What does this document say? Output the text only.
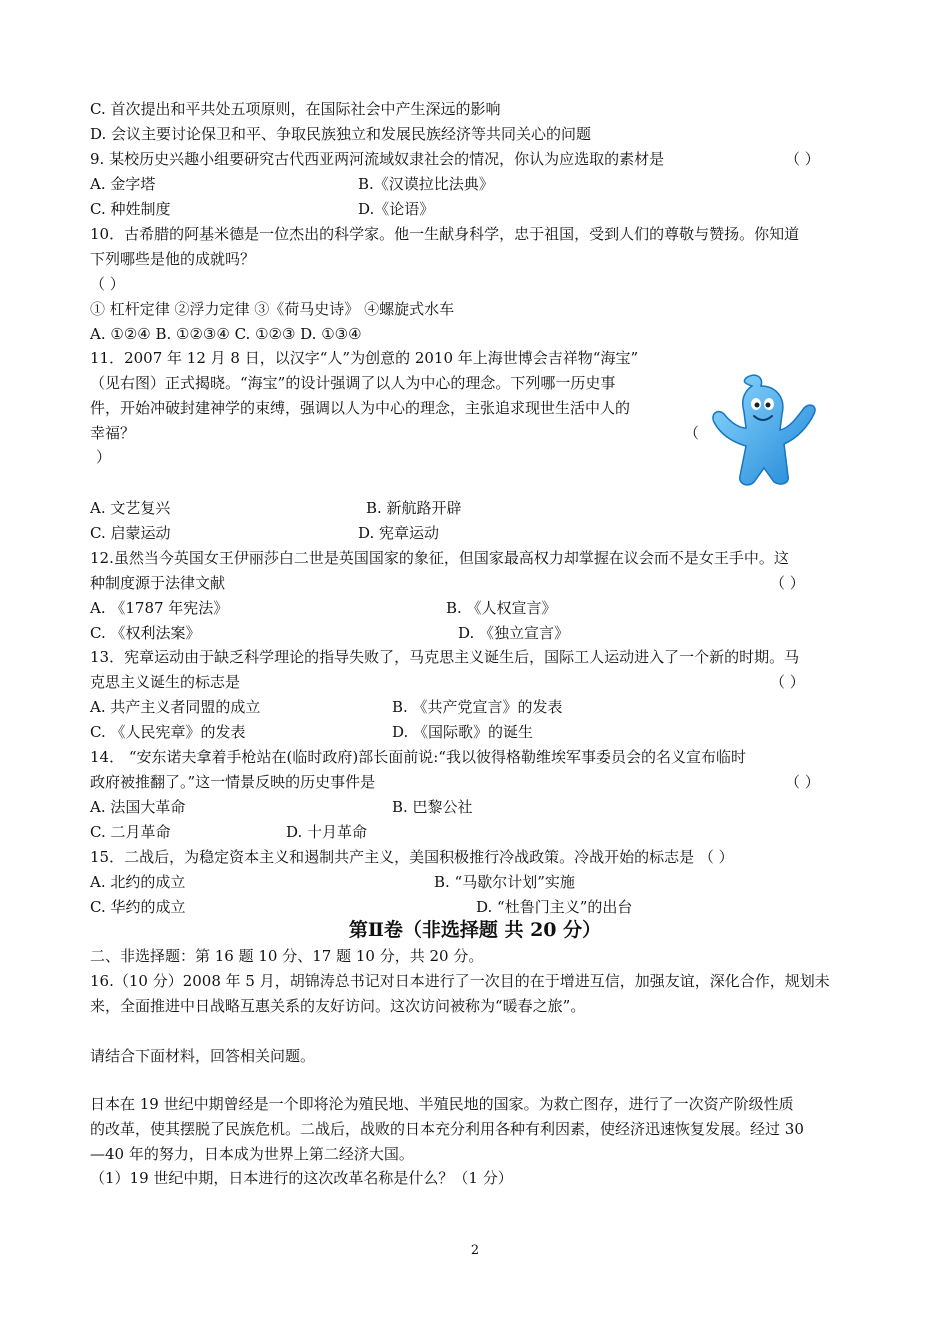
C. 首次提出和平共处五项原则，在国际社会中产生深远的影响
D. 会议主要讨论保卫和平、争取民族独立和发展民族经济等共同关心的问题
9. 某校历史兴趣小组要研究古代西亚两河流域奴隶社会的情况，你认为应选取的素材是	（ ）
A. 金字塔	B.《汉谟拉比法典》
C. 种姓制度	D.《论语》
10．古希腊的阿基米德是一位杰出的科学家。他一生献身科学，忠于祖国，受到人们的尊敬与赞扬。你知道
下列哪些是他的成就吗？
（ ）
① 杠杆定律 ②浮力定律 ③《荷马史诗》 ④螺旋式水车
A. ①②④ B. ①②③④ C. ①②③ D. ①③④
11．2007 年 12 月 8 日，以汉字“人”为创意的 2010 年上海世博会吉祥物“海宝”
（见右图）正式揭晓。“海宝”的设计强调了以人为中心的理念。下列哪一历史事
件，开始冲破封建神学的束缚，强调以人为中心的理念，主张追求现世生活中人的
幸福？	（
）
A. 文艺复兴	B. 新航路开辟
C. 启蒙运动	D. 宪章运动
12.虽然当今英国女王伊丽莎白二世是英国国家的象征，但国家最高权力却掌握在议会而不是女王手中。这
种制度源于法律文献	（ ）
A. 《1787 年宪法》	B. 《人权宣言》
C. 《权利法案》	D. 《独立宣言》
13．宪章运动由于缺乏科学理论的指导失败了，马克思主义诞生后，国际工人运动进入了一个新的时期。马
克思主义诞生的标志是	（ ）
A. 共产主义者同盟的成立	B. 《共产党宣言》的发表
C. 《人民宪章》的发表	D. 《国际歌》的诞生
14． “安东诺夫拿着手枪站在(临时政府)部长面前说:“我以彼得格勒维埃军事委员会的名义宣布临时
政府被推翻了。”这一情景反映的历史事件是	（ ）
A. 法国大革命	B. 巴黎公社
C. 二月革命	D. 十月革命
15．二战后，为稳定资本主义和遏制共产主义，美国积极推行冷战政策。冷战开始的标志是 （ ）
A. 北约的成立	B. “马歇尔计划”实施
C. 华约的成立	D. “杜鲁门主义”的出台
第Ⅱ卷（非选择题 共 20 分）
二、非选择题：第 16 题 10 分、17 题 10 分，共 20 分。
16.（10 分）2008 年 5 月，胡锦涛总书记对日本进行了一次目的在于增进互信，加强友谊，深化合作，规划未
来，全面推进中日战略互惠关系的友好访问。这次访问被称为“暖春之旅”。
请结合下面材料，回答相关问题。
日本在 19 世纪中期曾经是一个即将沦为殖民地、半殖民地的国家。为救亡图存，进行了一次资产阶级性质
的改革，使其摆脱了民族危机。二战后，战败的日本充分利用各种有利因素，使经济迅速恢复发展。经过 30
—40 年的努力，日本成为世界上第二经济大国。
（1）19 世纪中期，日本进行的这次改革名称是什么？（1 分）
2
